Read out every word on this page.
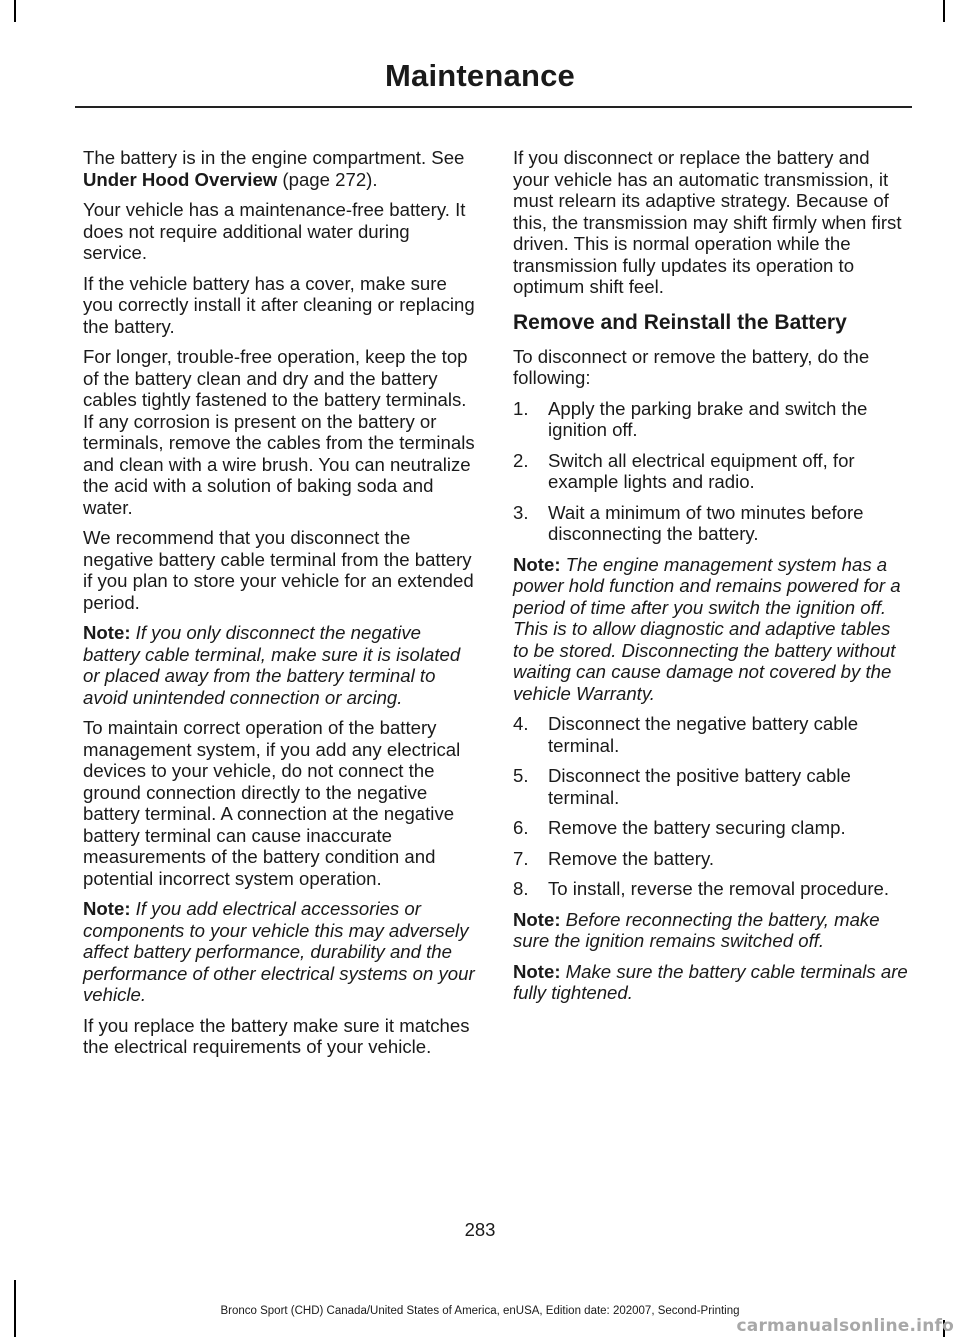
Maintenance

The battery is in the engine compartment. See Under Hood Overview (page 272).

Your vehicle has a maintenance-free battery. It does not require additional water during service.

If the vehicle battery has a cover, make sure you correctly install it after cleaning or replacing the battery.

For longer, trouble-free operation, keep the top of the battery clean and dry and the battery cables tightly fastened to the battery terminals. If any corrosion is present on the battery or terminals, remove the cables from the terminals and clean with a wire brush. You can neutralize the acid with a solution of baking soda and water.

We recommend that you disconnect the negative battery cable terminal from the battery if you plan to store your vehicle for an extended period.

Note: If you only disconnect the negative battery cable terminal, make sure it is isolated or placed away from the battery terminal to avoid unintended connection or arcing.

To maintain correct operation of the battery management system, if you add any electrical devices to your vehicle, do not connect the ground connection directly to the negative battery terminal. A connection at the negative battery terminal can cause inaccurate measurements of the battery condition and potential incorrect system operation.

Note: If you add electrical accessories or components to your vehicle this may adversely affect battery performance, durability and the performance of other electrical systems on your vehicle.

If you replace the battery make sure it matches the electrical requirements of your vehicle.

If you disconnect or replace the battery and your vehicle has an automatic transmission, it must relearn its adaptive strategy. Because of this, the transmission may shift firmly when first driven. This is normal operation while the transmission fully updates its operation to optimum shift feel.

Remove and Reinstall the Battery

To disconnect or remove the battery, do the following:

1. Apply the parking brake and switch the ignition off.
2. Switch all electrical equipment off, for example lights and radio.
3. Wait a minimum of two minutes before disconnecting the battery.

Note: The engine management system has a power hold function and remains powered for a period of time after you switch the ignition off. This is to allow diagnostic and adaptive tables to be stored. Disconnecting the battery without waiting can cause damage not covered by the vehicle Warranty.

4. Disconnect the negative battery cable terminal.
5. Disconnect the positive battery cable terminal.
6. Remove the battery securing clamp.
7. Remove the battery.
8. To install, reverse the removal procedure.

Note: Before reconnecting the battery, make sure the ignition remains switched off.

Note: Make sure the battery cable terminals are fully tightened.

283
Bronco Sport (CHD) Canada/United States of America, enUSA, Edition date: 202007, Second-Printing
carmanualsonline.info
